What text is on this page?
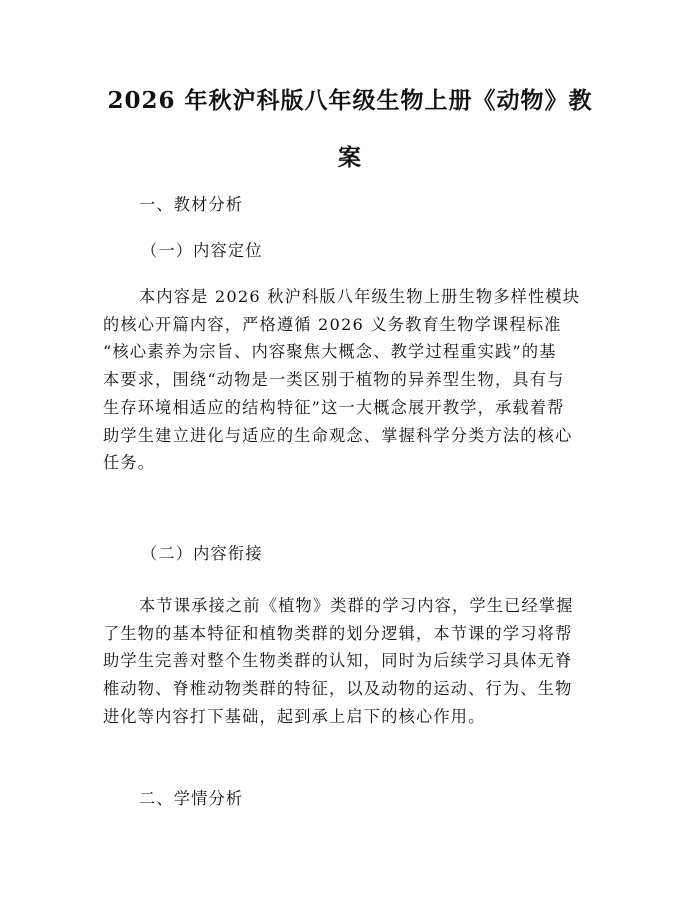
2026 年秋沪科版八年级生物上册《动物》教
案

一、教材分析

（一）内容定位

本内容是 2026 秋沪科版八年级生物上册生物多样性模块
的核心开篇内容，严格遵循 2026 义务教育生物学课程标准
“核心素养为宗旨、内容聚焦大概念、教学过程重实践”的基
本要求，围绕“动物是一类区别于植物的异养型生物，具有与
生存环境相适应的结构特征”这一大概念展开教学，承载着帮
助学生建立进化与适应的生命观念、掌握科学分类方法的核心
任务。

（二）内容衔接

本节课承接之前《植物》类群的学习内容，学生已经掌握
了生物的基本特征和植物类群的划分逻辑，本节课的学习将帮
助学生完善对整个生物类群的认知，同时为后续学习具体无脊
椎动物、脊椎动物类群的特征，以及动物的运动、行为、生物
进化等内容打下基础，起到承上启下的核心作用。

二、学情分析
